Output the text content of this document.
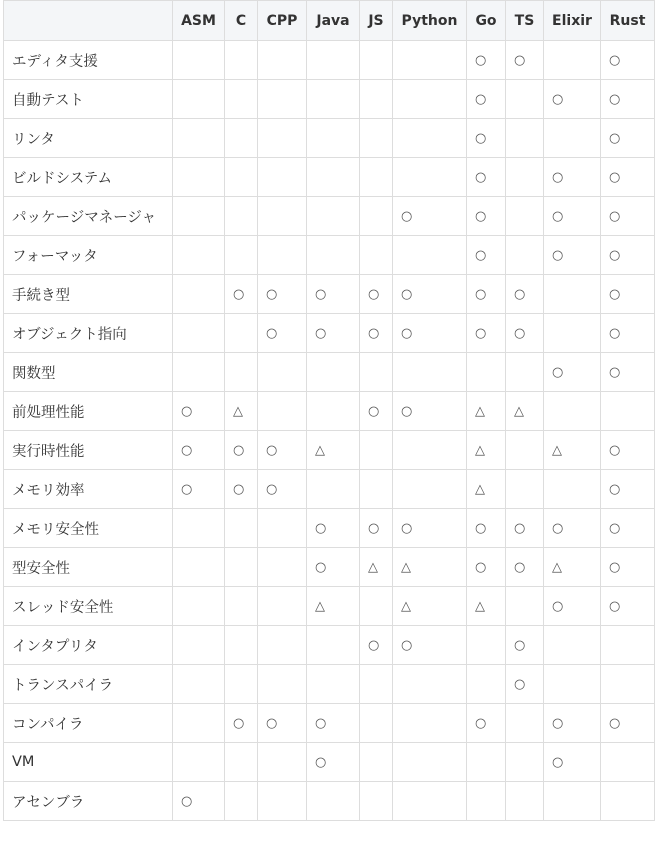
	ASM	C	CPP	Java	JS	Python	Go	TS	Elixir	Rust
エディタ支援							○	○		○
自動テスト							○		○	○
リンタ							○			○
ビルドシステム							○		○	○
パッケージマネージャ						○	○		○	○
フォーマッタ							○		○	○
手続き型		○	○	○	○	○	○	○		○
オブジェクト指向			○	○	○	○	○	○		○
関数型									○	○
前処理性能	○	△			○	○	△	△		
実行時性能	○	○	○	△			△		△	○
メモリ効率	○	○	○				△			○
メモリ安全性				○	○	○	○	○	○	○
型安全性				○	△	△	○	○	△	○
スレッド安全性				△		△	△		○	○
インタプリタ					○	○		○		
トランスパイラ								○		
コンパイラ		○	○	○			○		○	○
VM				○					○	
アセンブラ	○									
